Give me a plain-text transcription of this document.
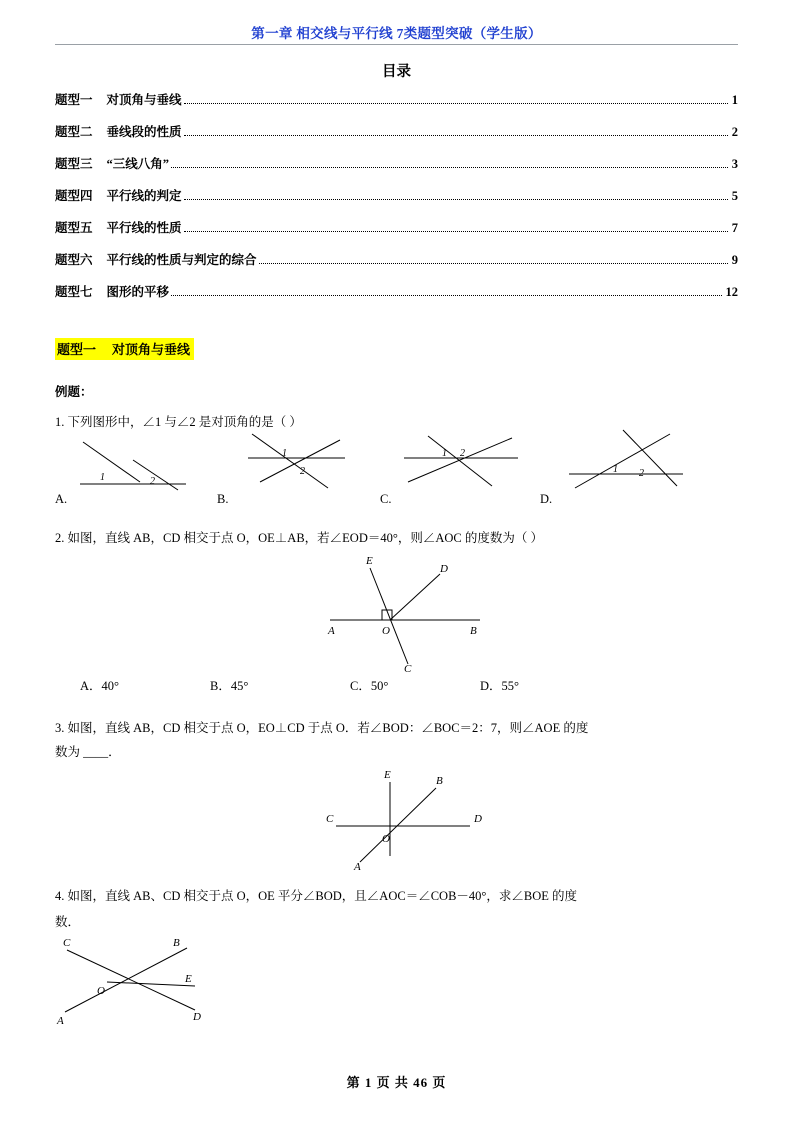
第一章 相交线与平行线 7类题型突破（学生版）
目录
题型一 对顶角与垂线	1
题型二 垂线段的性质	2
题型三 “三线八角”	3
题型四 平行线的判定	5
题型五 平行线的性质	7
题型六 平行线的性质与判定的综合	9
题型七 图形的平移	12
题型一 对顶角与垂线
例题：
1. 下列图形中，∠1 与∠2 是对顶角的是（ ）
1	2
1
2
1 2
1 2
A.	B.	C.	D.
2. 如图，直线 AB，CD 相交于点 O，OE⊥AB，若∠EOD＝40°，则∠AOC 的度数为（ ）
E
D
A	O	B
C
A．40°	B．45°	C．50°	D．55°
3. 如图，直线 AB，CD 相交于点 O，EO⊥CD 于点 O．若∠BOD：∠BOC＝2：7，则∠AOE 的度
数为 ____．
E	B
C
O
D
A
4. 如图，直线 AB、CD 相交于点 O，OE 平分∠BOD，且∠AOC＝∠COB－40°，求∠BOE 的度
数．
C	B
O
E
A	D
第 1 页 共 46 页
